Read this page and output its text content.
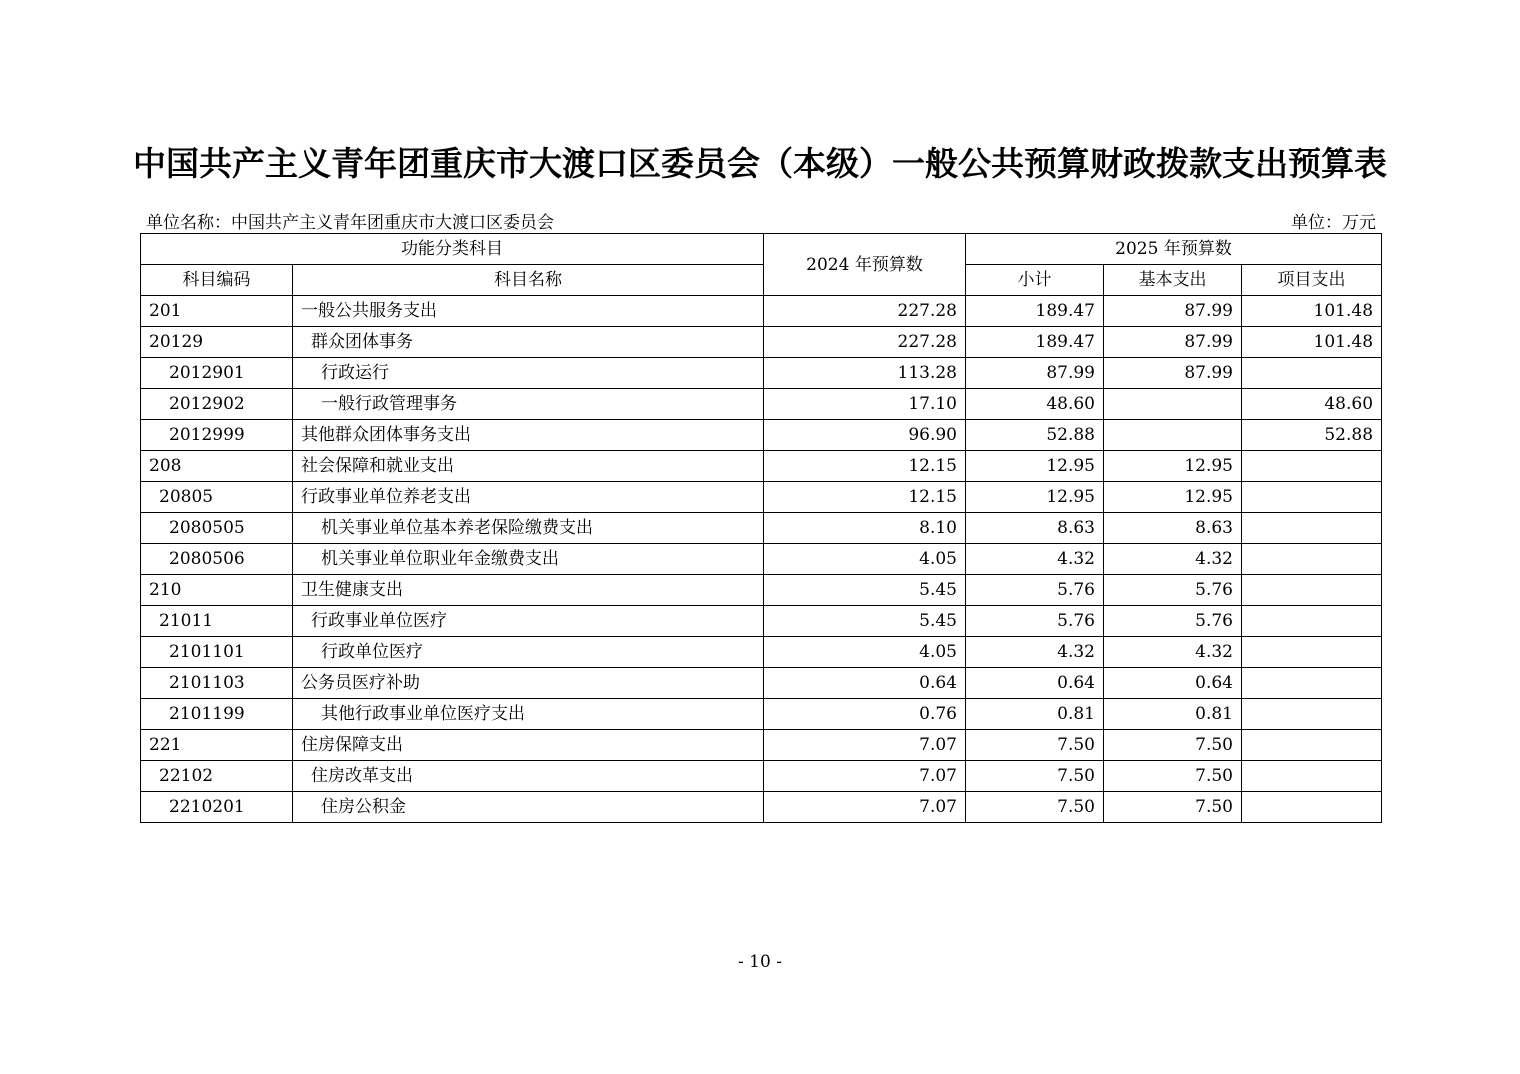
中国共产主义青年团重庆市大渡口区委员会（本级）一般公共预算财政拨款支出预算表
单位名称：中国共产主义青年团重庆市大渡口区委员会	单位：万元
功能分类科目		2024 年预算数	2025 年预算数		
科目编码	科目名称		小计	基本支出	项目支出
201	一般公共服务支出	227.28	189.47	87.99	101.48
20129	群众团体事务	227.28	189.47	87.99	101.48
2012901	行政运行	113.28	87.99	87.99	
2012902	一般行政管理事务	17.10	48.60		48.60
2012999	其他群众团体事务支出	96.90	52.88		52.88
208	社会保障和就业支出	12.15	12.95	12.95	
20805	行政事业单位养老支出	12.15	12.95	12.95	
2080505	机关事业单位基本养老保险缴费支出	8.10	8.63	8.63	
2080506	机关事业单位职业年金缴费支出	4.05	4.32	4.32	
210	卫生健康支出	5.45	5.76	5.76	
21011	行政事业单位医疗	5.45	5.76	5.76	
2101101	行政单位医疗	4.05	4.32	4.32	
2101103	公务员医疗补助	0.64	0.64	0.64	
2101199	其他行政事业单位医疗支出	0.76	0.81	0.81	
221	住房保障支出	7.07	7.50	7.50	
22102	住房改革支出	7.07	7.50	7.50	
2210201	住房公积金	7.07	7.50	7.50	
- 10 -
